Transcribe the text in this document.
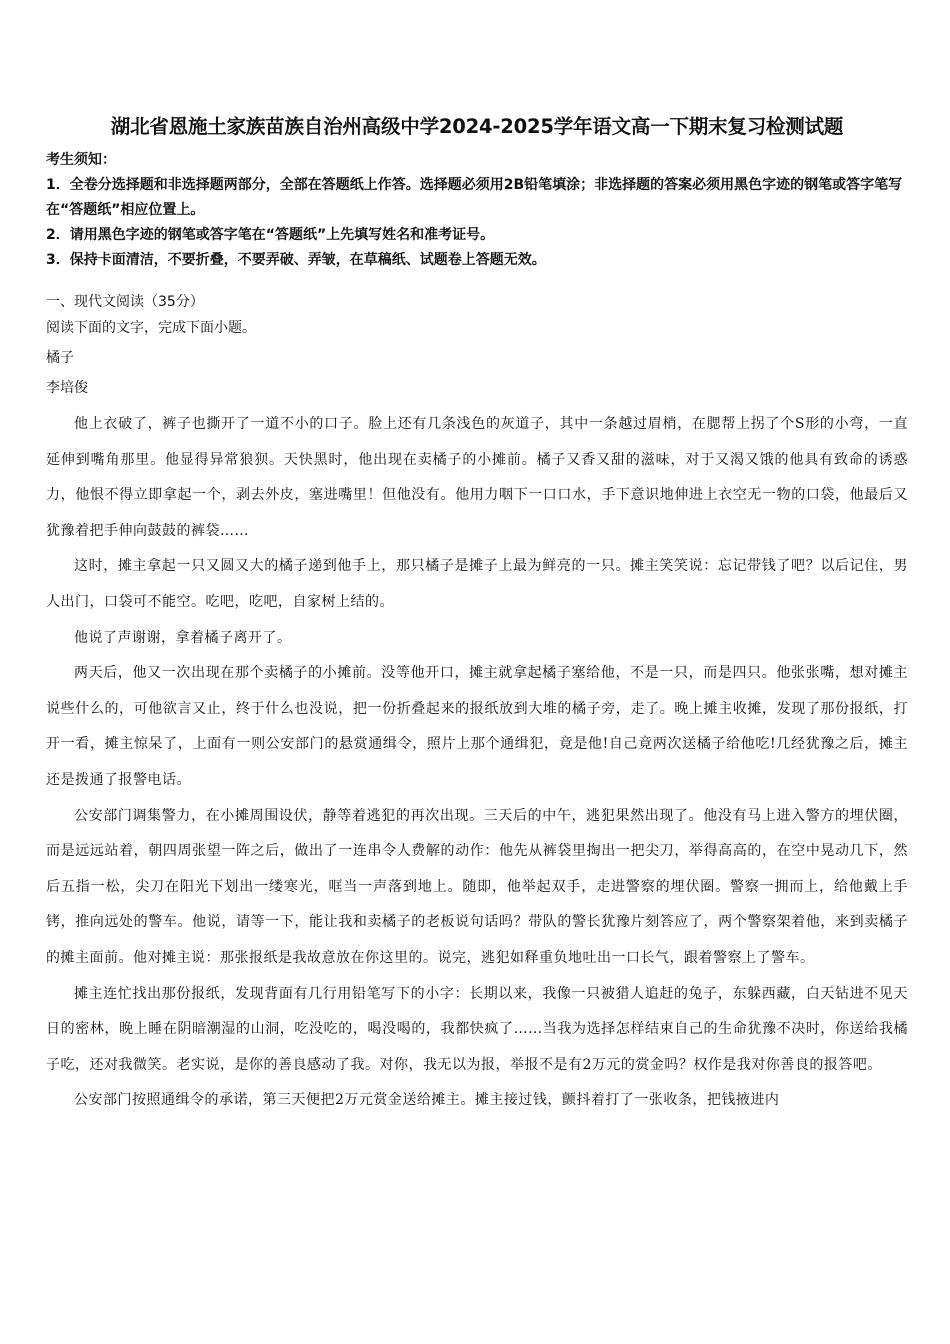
湖北省恩施土家族苗族自治州高级中学2024-2025学年语文高一下期末复习检测试题

考生须知：

1．全卷分选择题和非选择题两部分，全部在答题纸上作答。选择题必须用2B铅笔填涂；非选择题的答案必须用黑色字迹的钢笔或答字笔写在“答题纸”相应位置上。

2．请用黑色字迹的钢笔或答字笔在“答题纸”上先填写姓名和准考证号。

3．保持卡面清洁，不要折叠，不要弄破、弄皱，在草稿纸、试题卷上答题无效。

一、现代文阅读（35分）

阅读下面的文字，完成下面小题。

橘子

李培俊

他上衣破了，裤子也撕开了一道不小的口子。脸上还有几条浅色的灰道子，其中一条越过眉梢，在腮帮上拐了个S形的小弯，一直延伸到嘴角那里。他显得异常狼狈。天快黑时，他出现在卖橘子的小摊前。橘子又香又甜的滋味，对于又渴又饿的他具有致命的诱惑力，他恨不得立即拿起一个，剥去外皮，塞进嘴里！但他没有。他用力咽下一口口水，手下意识地伸进上衣空无一物的口袋，他最后又犹豫着把手伸向鼓鼓的裤袋……

这时，摊主拿起一只又圆又大的橘子递到他手上，那只橘子是摊子上最为鲜亮的一只。摊主笑笑说：忘记带钱了吧？以后记住，男人出门，口袋可不能空。吃吧，吃吧，自家树上结的。

他说了声谢谢，拿着橘子离开了。

两天后，他又一次出现在那个卖橘子的小摊前。没等他开口，摊主就拿起橘子塞给他，不是一只，而是四只。他张张嘴，想对摊主说些什么的，可他欲言又止，终于什么也没说，把一份折叠起来的报纸放到大堆的橘子旁，走了。晚上摊主收摊，发现了那份报纸，打开一看，摊主惊呆了，上面有一则公安部门的悬赏通缉令，照片上那个通缉犯，竟是他!自己竟两次送橘子给他吃!几经犹豫之后，摊主还是拨通了报警电话。

公安部门调集警力，在小摊周围设伏，静等着逃犯的再次出现。三天后的中午，逃犯果然出现了。他没有马上进入警方的埋伏圈，而是远远站着，朝四周张望一阵之后，做出了一连串令人费解的动作：他先从裤袋里掏出一把尖刀，举得高高的，在空中晃动几下，然后五指一松，尖刀在阳光下划出一缕寒光，哐当一声落到地上。随即，他举起双手，走进警察的埋伏圈。警察一拥而上，给他戴上手铐，推向远处的警车。他说，请等一下，能让我和卖橘子的老板说句话吗？带队的警长犹豫片刻答应了，两个警察架着他，来到卖橘子的摊主面前。他对摊主说：那张报纸是我故意放在你这里的。说完，逃犯如释重负地吐出一口长气，跟着警察上了警车。

摊主连忙找出那份报纸，发现背面有几行用铅笔写下的小字：长期以来，我像一只被猎人追赶的兔子，东躲西藏，白天钻进不见天日的密林，晚上睡在阴暗潮湿的山洞，吃没吃的，喝没喝的，我都快疯了……当我为选择怎样结束自己的生命犹豫不决时，你送给我橘子吃，还对我微笑。老实说，是你的善良感动了我。对你，我无以为报，举报不是有2万元的赏金吗？权作是我对你善良的报答吧。

公安部门按照通缉令的承诺，第三天便把2万元赏金送给摊主。摊主接过钱，颤抖着打了一张收条，把钱掖进内
